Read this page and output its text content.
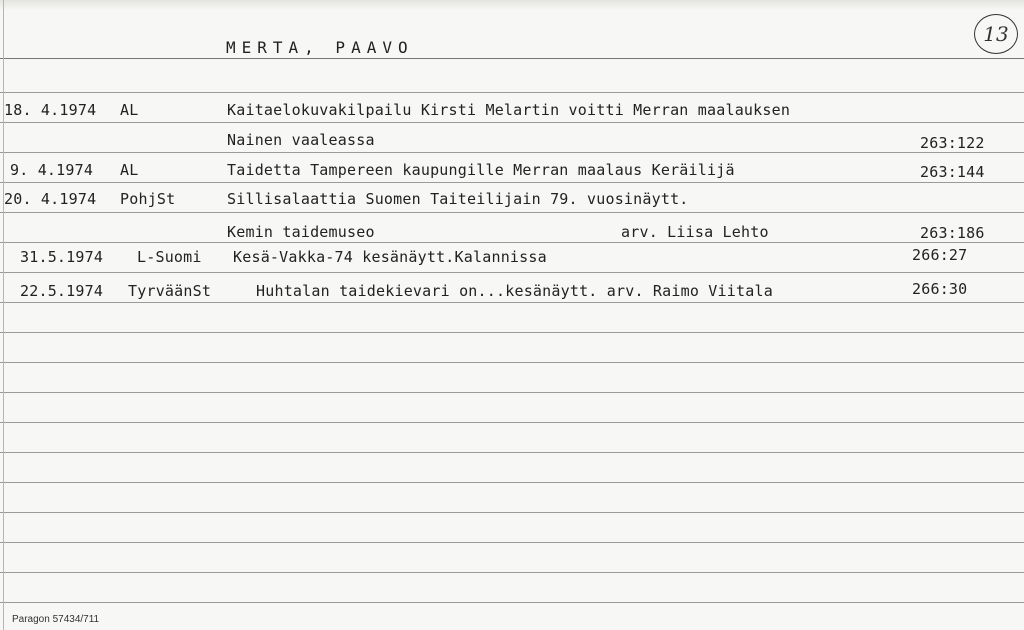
MERTA, PAAVO
13
18. 4.1974 AL	Kaitaelokuvakilpailu Kirsti Melartin voitti Merran maalauksen
Nainen vaaleassa	263:122
9. 4.1974 AL	Taidetta Tampereen kaupungille Merran maalaus Keräilijä	263:144
20. 4.1974 PohjSt	Sillisalaattia Suomen Taiteilijain 79. vuosinäytt.
Kemin taidemuseo	arv. Liisa Lehto	263:186
31.5.1974 L-Suomi Kesä-Vakka-74 kesänäytt.Kalannissa	266:27
22.5.1974 TyrväänSt	Huhtalan taidekievari on...kesänäytt. arv. Raimo Viitala	266:30
Paragon 57434/711
